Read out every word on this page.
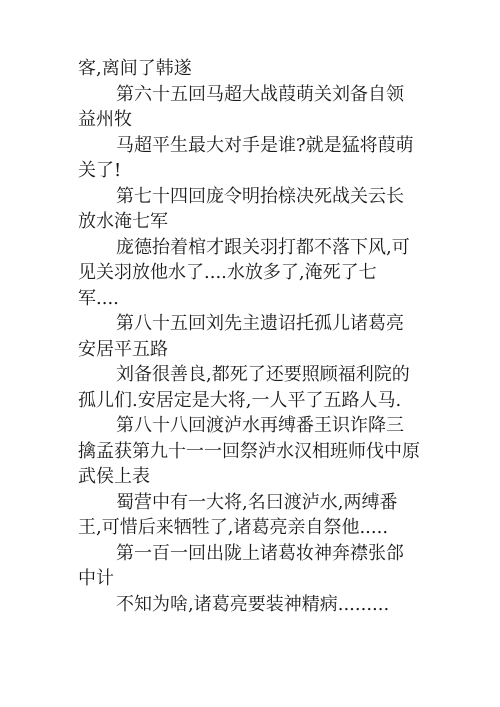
客,离间了韩遂
第六十五回马超大战葭萌关刘备自领
益州牧
马超平生最大对手是谁?就是猛将葭萌
关了!
第七十四回庞令明抬榇决死战关云长
放水淹七军
庞德抬着棺才跟关羽打都不落下风,可
见关羽放他水了....水放多了,淹死了七
军....
第八十五回刘先主遗诏托孤儿诸葛亮
安居平五路
刘备很善良,都死了还要照顾福利院的
孤儿们.安居定是大将,一人平了五路人马.
第八十八回渡泸水再缚番王识诈降三
擒孟获第九十一一回祭泸水汉相班师伐中原
武侯上表
蜀营中有一大将,名曰渡泸水,两缚番
王,可惜后来牺牲了,诸葛亮亲自祭他.....
第一百一回出陇上诸葛妆神奔襟张郃
中计
不知为啥,诸葛亮要装神精病.........
